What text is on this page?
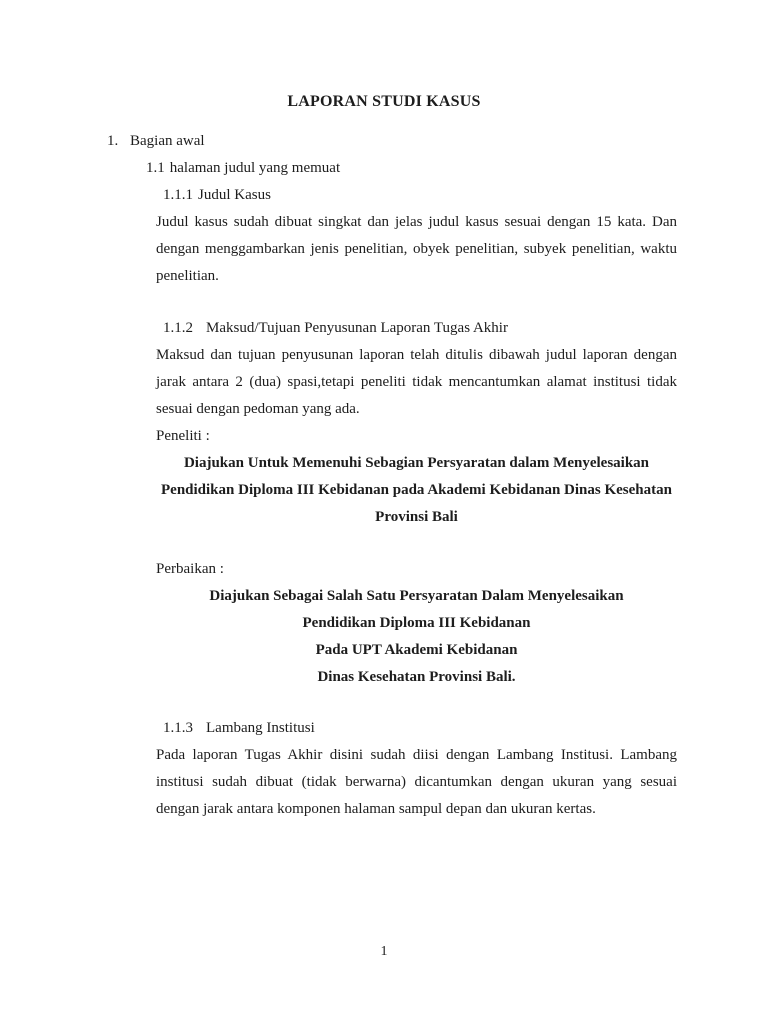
LAPORAN STUDI KASUS
1. Bagian awal
1.1 halaman judul yang memuat
1.1.1 Judul Kasus

Judul kasus sudah dibuat singkat dan jelas judul kasus sesuai dengan 15 kata. Dan dengan menggambarkan jenis penelitian, obyek penelitian, subyek penelitian, waktu penelitian.

1.1.2 Maksud/Tujuan Penyusunan Laporan Tugas Akhir

Maksud dan tujuan penyusunan laporan telah ditulis dibawah judul laporan dengan jarak antara 2 (dua) spasi,tetapi peneliti tidak mencantumkan alamat institusi tidak sesuai dengan pedoman yang ada.

Peneliti :
Diajukan Untuk Memenuhi Sebagian Persyaratan dalam Menyelesaikan
Pendidikan Diploma III Kebidanan pada Akademi Kebidanan Dinas Kesehatan
Provinsi Bali
Perbaikan :
Diajukan Sebagai Salah Satu Persyaratan Dalam Menyelesaikan
Pendidikan Diploma III Kebidanan
Pada UPT Akademi Kebidanan
Dinas Kesehatan Provinsi Bali.
1.1.3 Lambang Institusi

Pada laporan Tugas Akhir disini sudah diisi dengan Lambang Institusi. Lambang institusi sudah dibuat (tidak berwarna) dicantumkan dengan ukuran yang sesuai dengan jarak antara komponen halaman sampul depan dan ukuran kertas.

1
